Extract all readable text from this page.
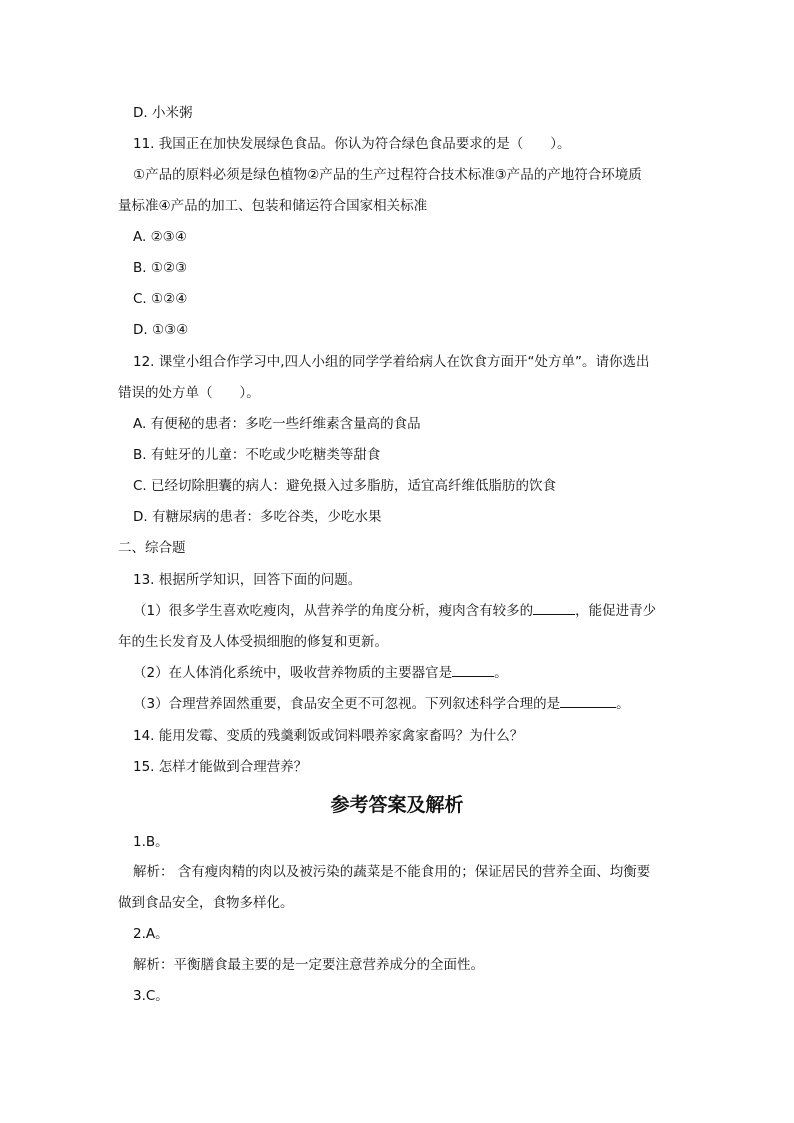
D. 小米粥
11. 我国正在加快发展绿色食品。你认为符合绿色食品要求的是（　　）。
①产品的原料必须是绿色植物②产品的生产过程符合技术标准③产品的产地符合环境质
量标准④产品的加工、包装和储运符合国家相关标准
A. ②③④
B. ①②③
C. ①②④
D. ①③④
12. 课堂小组合作学习中,四人小组的同学学着给病人在饮食方面开“处方单”。请你选出
错误的处方单（　　）。
A. 有便秘的患者：多吃一些纤维素含量高的食品
B. 有蛀牙的儿童：不吃或少吃糖类等甜食
C. 已经切除胆囊的病人：避免摄入过多脂肪，适宜高纤维低脂肪的饮食
D. 有糖尿病的患者：多吃谷类，少吃水果
二、综合题
13. 根据所学知识，回答下面的问题。
（1）很多学生喜欢吃瘦肉，从营养学的角度分析，瘦肉含有较多的	，能促进青少
年的生长发育及人体受损细胞的修复和更新。
（2）在人体消化系统中，吸收营养物质的主要器官是	。
（3）合理营养固然重要，食品安全更不可忽视。下列叙述科学合理的是	。
14. 能用发霉、变质的残羹剩饭或饲料喂养家禽家畜吗？为什么？
15. 怎样才能做到合理营养？
参考答案及解析
1.B。
解析： 含有瘦肉精的肉以及被污染的蔬菜是不能食用的；保证居民的营养全面、均衡要
做到食品安全，食物多样化。
2.A。
解析：平衡膳食最主要的是一定要注意营养成分的全面性。
3.C。
